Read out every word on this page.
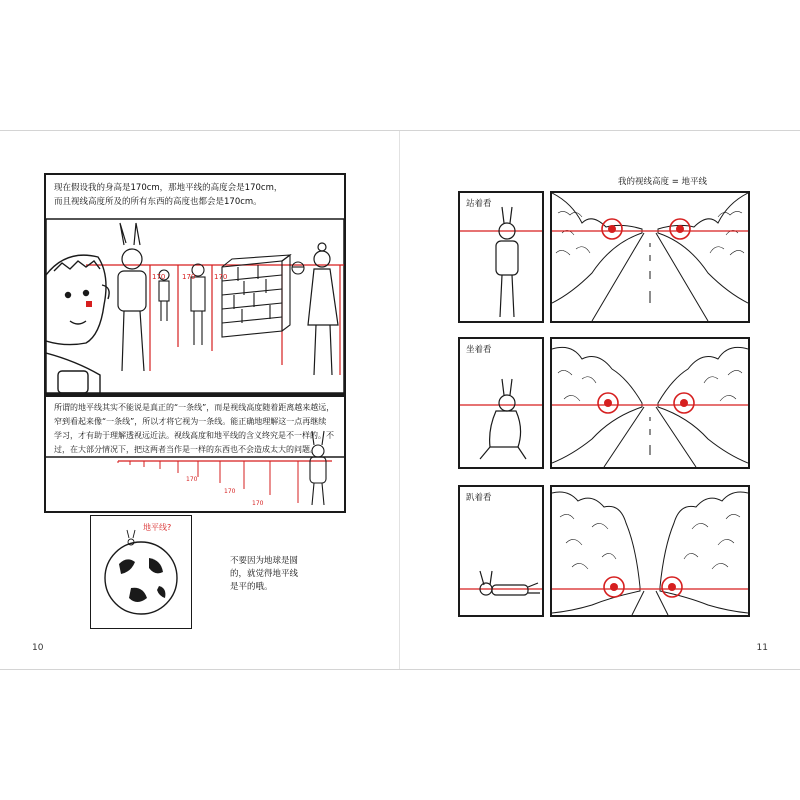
现在假设我的身高是170cm，那地平线的高度会是170cm，
而且视线高度所及的所有东西的高度也都会是170cm。
170 170	170
所谓的地平线其实不能说是真正的“一条线”，而是视线高度随着距离越来越远，
窄到看起来像“一条线”，所以才将它视为一条线。能正确地理解这一点再继续
学习，才有助于理解透视远近法。视线高度和地平线的含义终究是不一样的。不
过，在大部分情况下，把这两者当作是一样的东西也不会造成太大的问题。
170
170
170
地平线?
不要因为地球是圆
的，就觉得地平线
是平的哦。
10
我的视线高度 = 地平线
站着看
坐着看
趴着看
11
